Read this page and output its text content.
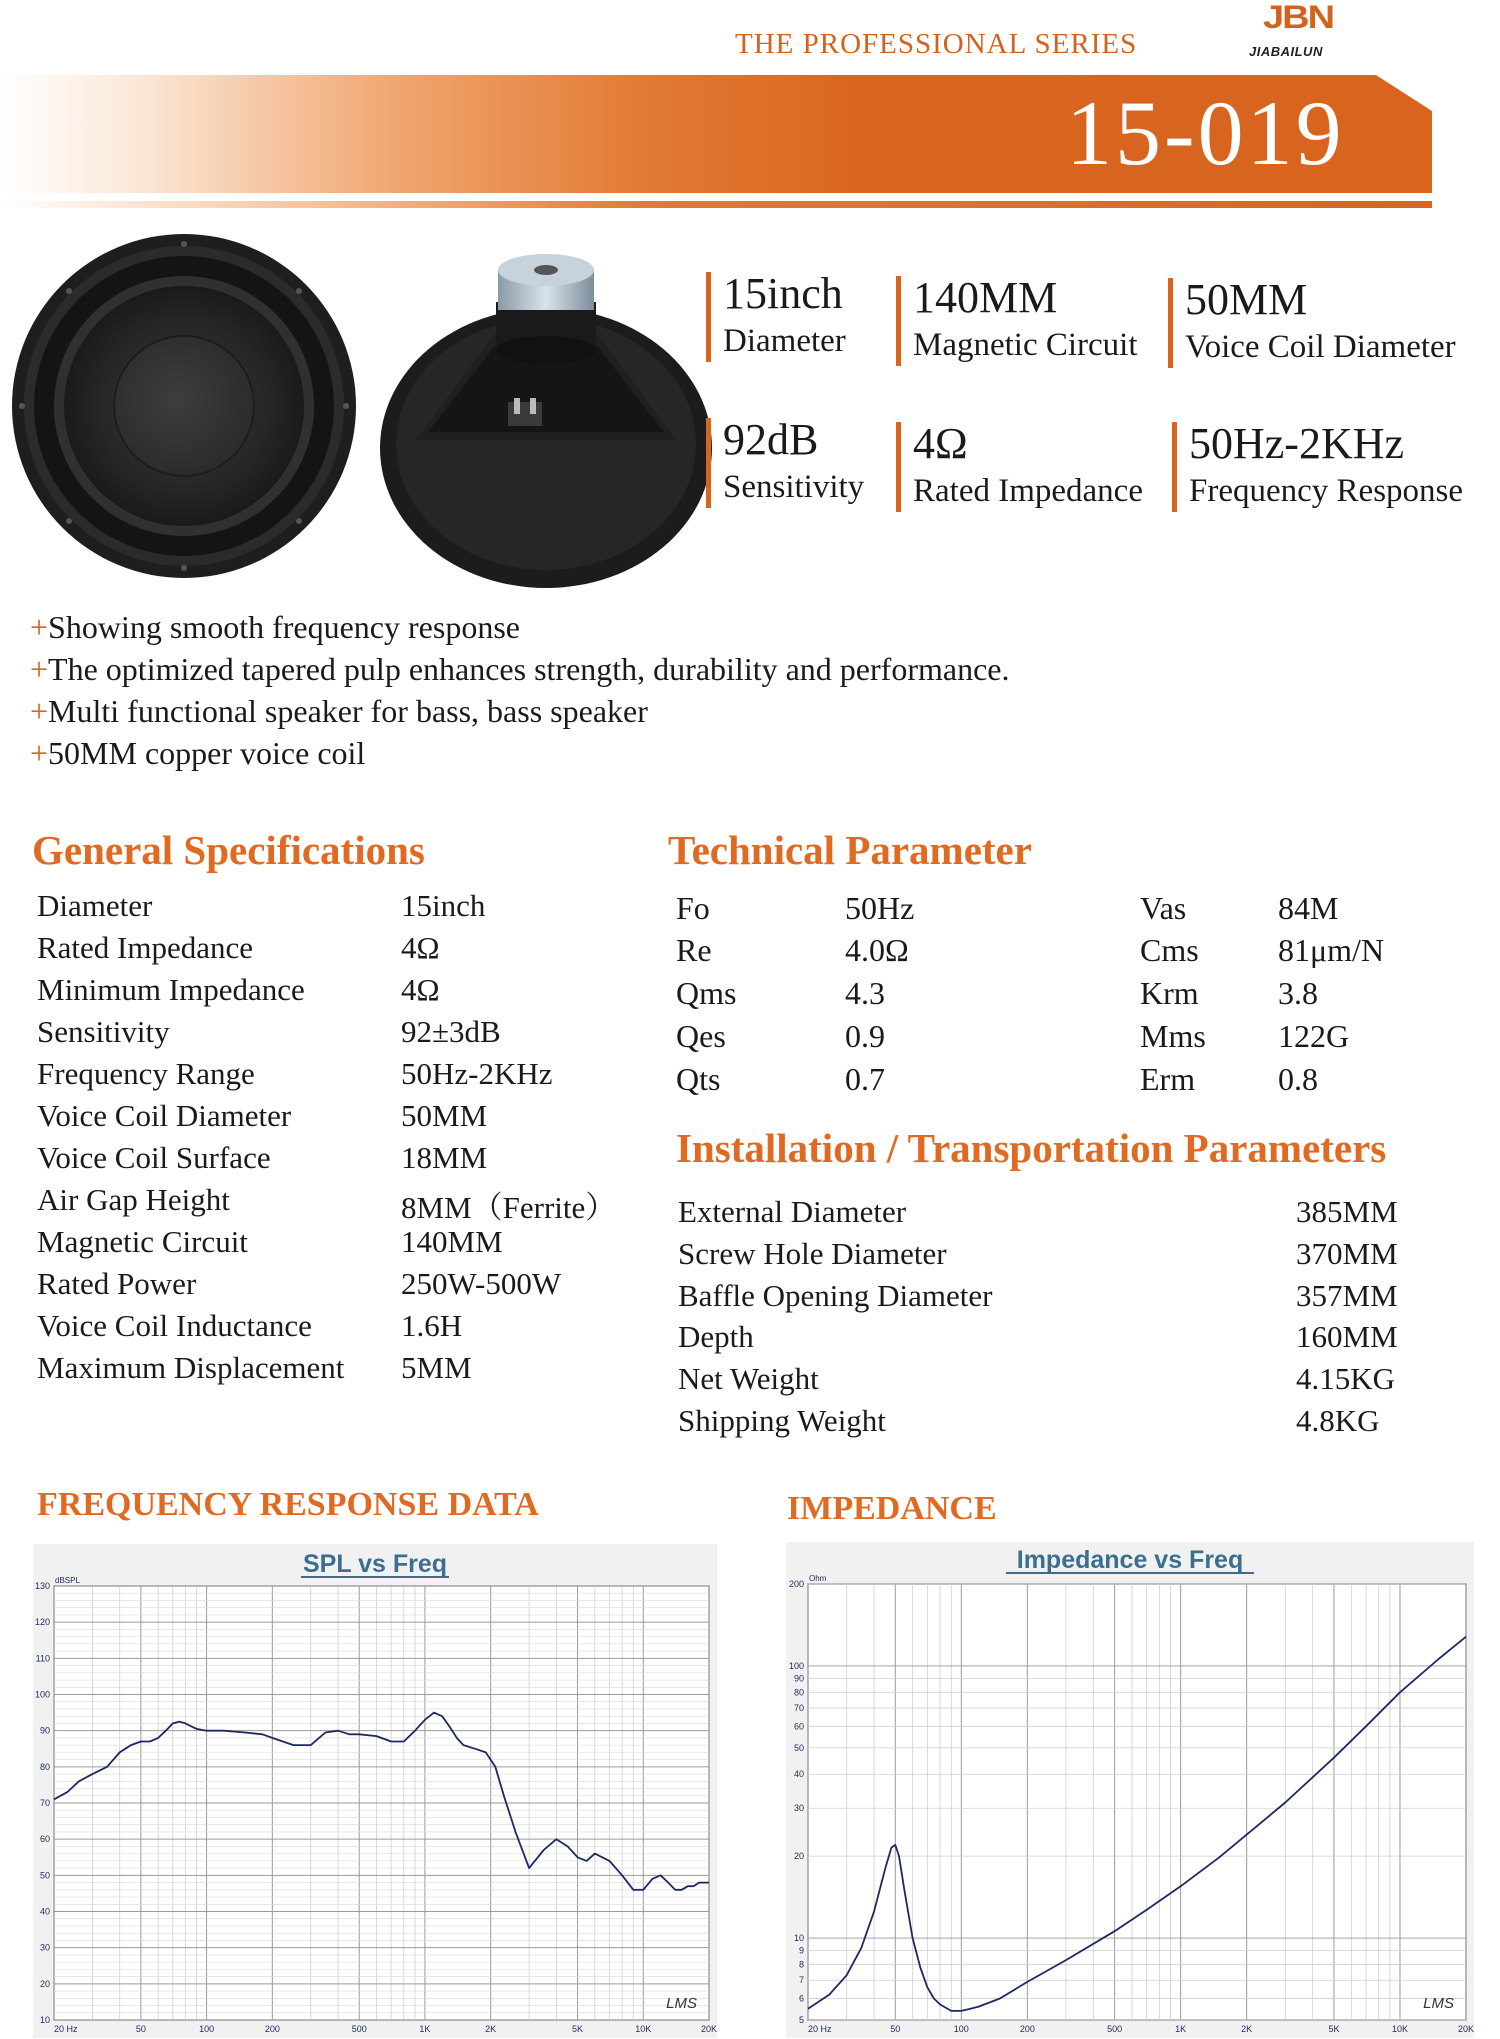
THE PROFESSIONAL SERIES
JBN
JIABAILUN
15-019
15inch
Diameter
140MM
Magnetic Circuit
50MM
Voice Coil Diameter
92dB
Sensitivity
4Ω
Rated Impedance
50Hz-2KHz
Frequency Response
+Showing smooth frequency response
+The optimized tapered pulp enhances strength, durability and performance.
+Multi functional speaker for bass, bass speaker
+50MM copper voice coil
General Specifications
Diameter	15inch
Rated Impedance	4Ω
Minimum Impedance	4Ω
Sensitivity	92±3dB
Frequency Range	50Hz-2KHz
Voice Coil Diameter	50MM
Voice Coil Surface	18MM
Air Gap Height	8MM（Ferrite）
Magnetic Circuit	140MM
Rated Power	250W-500W
Voice Coil Inductance	1.6H
Maximum Displacement 5MM
Technical Parameter
Fo	50Hz	Vas	84M
Re	4.0Ω	Cms 81μm/N
Qms	4.3	Krm 3.8
Qes	0.9	Mms 122G
Qts	0.7	Erm	0.8
Installation / Transportation Parameters
External Diameter	385MM
Screw Hole Diameter	370MM
Baffle Opening Diameter	357MM
Depth	160MM
Net Weight	4.15KG
Shipping Weight	4.8KG
FREQUENCY RESPONSE DATA	IMPEDANCE
10
20
30
40
50
60
70
80
90
100
110
120
130
dBSPL
20 Hz	50	100	200	500	1K	2K	5K	10K	20K
SPL vs Freq
LMS
5
6
7
8
9
10
20
30
40
50
60
70
80
90
100
200
Ohm
20 Hz	50	100	200	500	1K	2K	5K	10K	20K
Impedance vs Freq
LMS
